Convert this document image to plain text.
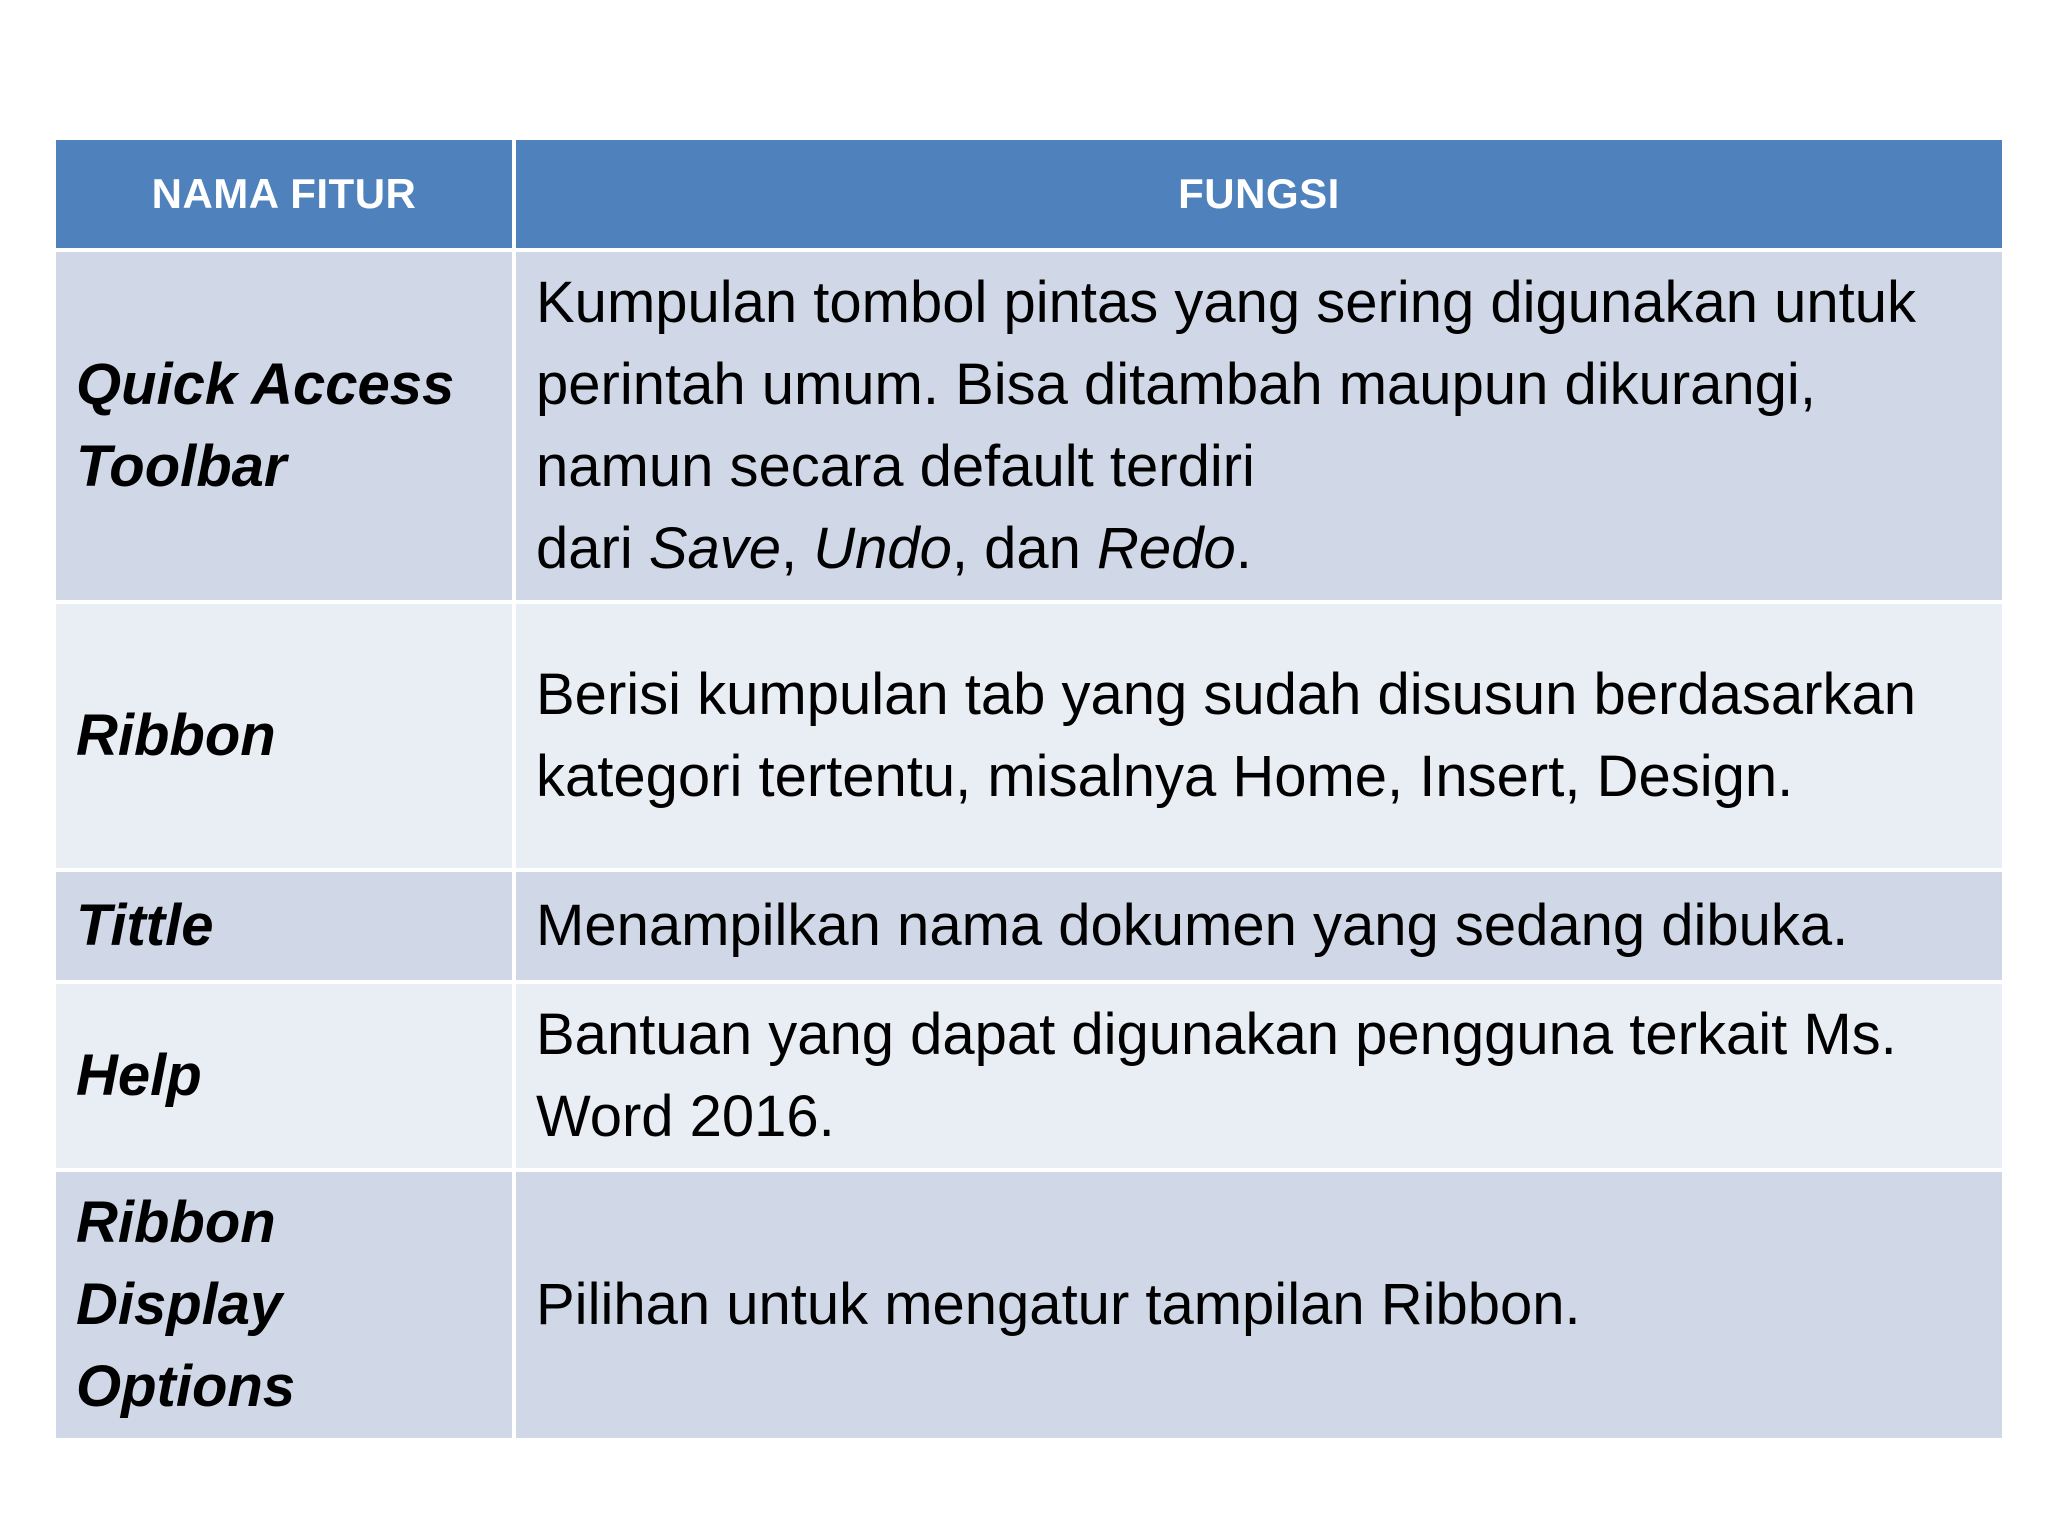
NAMA FITUR	FUNGSI
Quick Access Toolbar	Kumpulan tombol pintas yang sering digunakan untuk perintah umum. Bisa ditambah maupun dikurangi, namun secara default terdiri
dari Save, Undo, dan Redo.
Ribbon	Berisi kumpulan tab yang sudah disusun berdasarkan kategori tertentu, misalnya Home, Insert, Design.
Tittle	Menampilkan nama dokumen yang sedang dibuka.
Help	Bantuan yang dapat digunakan pengguna terkait Ms. Word 2016.
Ribbon Display Options	Pilihan untuk mengatur tampilan Ribbon.
